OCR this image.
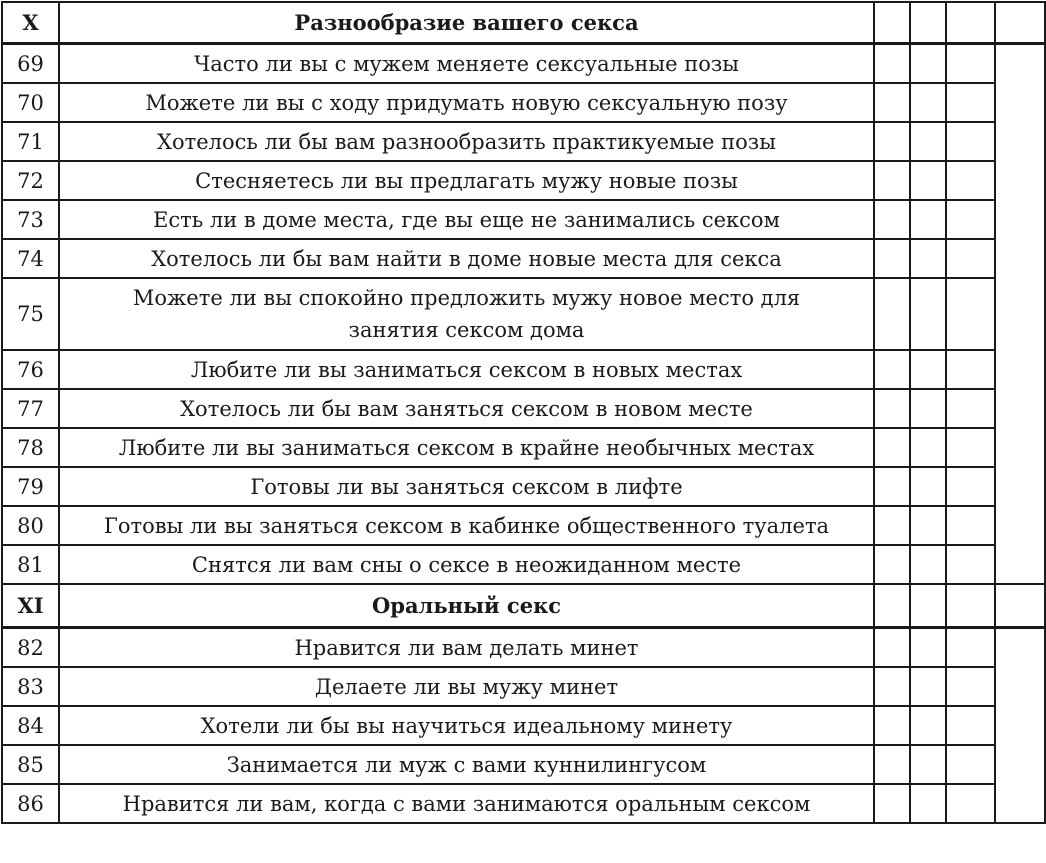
X	Разнообразие вашего секса				
69	Часто ли вы с мужем меняете сексуальные позы				
70	Можете ли вы с ходу придумать новую сексуальную позу				
71	Хотелось ли бы вам разнообразить практикуемые позы				
72	Стесняетесь ли вы предлагать мужу новые позы				
73	Есть ли в доме места, где вы еще не занимались сексом				
74	Хотелось ли бы вам найти в доме новые места для секса				
75	Можете ли вы спокойно предложить мужу новое место для занятия сексом дома				
76	Любите ли вы заниматься сексом в новых местах				
77	Хотелось ли бы вам заняться сексом в новом месте				
78	Любите ли вы заниматься сексом в крайне необычных местах				
79	Готовы ли вы заняться сексом в лифте				
80	Готовы ли вы заняться сексом в кабинке общественного туалета				
81	Снятся ли вам сны о сексе в неожиданном месте				
XI	Оральный секс				
82	Нравится ли вам делать минет				
83	Делаете ли вы мужу минет				
84	Хотели ли бы вы научиться идеальному минету				
85	Занимается ли муж с вами куннилингусом				
86	Нравится ли вам, когда с вами занимаются оральным сексом				
